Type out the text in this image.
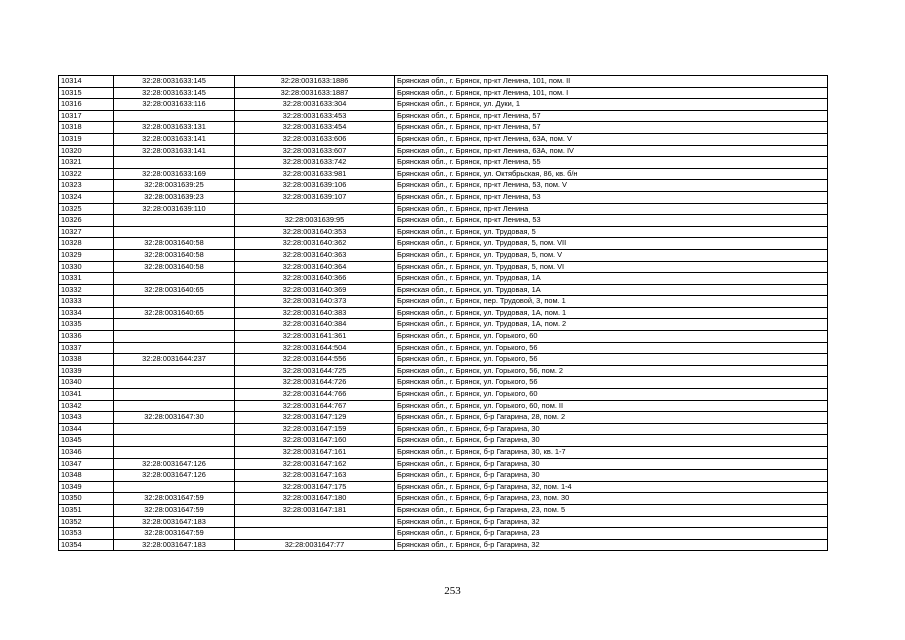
10314	32:28:0031633:145	32:28:0031633:1886	Брянская обл., г. Брянск, пр-кт Ленина, 101, пом. II
10315	32:28:0031633:145	32:28:0031633:1887	Брянская обл., г. Брянск, пр-кт Ленина, 101, пом. I
10316	32:28:0031633:116	32:28:0031633:304	Брянская обл., г. Брянск, ул. Дуки, 1
10317		32:28:0031633:453	Брянская обл., г. Брянск, пр-кт Ленина, 57
10318	32:28:0031633:131	32:28:0031633:454	Брянская обл., г. Брянск, пр-кт Ленина, 57
10319	32:28:0031633:141	32:28:0031633:606	Брянская обл., г. Брянск, пр-кт Ленина, 63А, пом. V
10320	32:28:0031633:141	32:28:0031633:607	Брянская обл., г. Брянск, пр-кт Ленина, 63А, пом. IV
10321		32:28:0031633:742	Брянская обл., г. Брянск, пр-кт Ленина, 55
10322	32:28:0031633:169	32:28:0031633:981	Брянская обл., г. Брянск, ул. Октябрьская, 86, кв. б/н
10323	32:28:0031639:25	32:28:0031639:106	Брянская обл., г. Брянск, пр-кт Ленина, 53, пом. V
10324	32:28:0031639:23	32:28:0031639:107	Брянская обл., г. Брянск, пр-кт Ленина, 53
10325	32:28:0031639:110		Брянская обл., г. Брянск, пр-кт Ленина
10326		32:28:0031639:95	Брянская обл., г. Брянск, пр-кт Ленина, 53
10327		32:28:0031640:353	Брянская обл., г. Брянск, ул. Трудовая, 5
10328	32:28:0031640:58	32:28:0031640:362	Брянская обл., г. Брянск, ул. Трудовая, 5, пом. VII
10329	32:28:0031640:58	32:28:0031640:363	Брянская обл., г. Брянск, ул. Трудовая, 5, пом. V
10330	32:28:0031640:58	32:28:0031640:364	Брянская обл., г. Брянск, ул. Трудовая, 5, пом. VI
10331		32:28:0031640:366	Брянская обл., г. Брянск, ул. Трудовая, 1А
10332	32:28:0031640:65	32:28:0031640:369	Брянская обл., г. Брянск, ул. Трудовая, 1А
10333		32:28:0031640:373	Брянская обл., г. Брянск, пер. Трудовой, 3, пом. 1
10334	32:28:0031640:65	32:28:0031640:383	Брянская обл., г. Брянск, ул. Трудовая, 1А, пом. 1
10335		32:28:0031640:384	Брянская обл., г. Брянск, ул. Трудовая, 1А, пом. 2
10336		32:28:0031641:361	Брянская обл., г. Брянск, ул. Горького, 60
10337		32:28:0031644:504	Брянская обл., г. Брянск, ул. Горького, 56
10338	32:28:0031644:237	32:28:0031644:556	Брянская обл., г. Брянск, ул. Горького, 56
10339		32:28:0031644:725	Брянская обл., г. Брянск, ул. Горького, 56, пом. 2
10340		32:28:0031644:726	Брянская обл., г. Брянск, ул. Горького, 56
10341		32:28:0031644:766	Брянская обл., г. Брянск, ул. Горького, 60
10342		32:28:0031644:767	Брянская обл., г. Брянск, ул. Горького, 60, пом. II
10343	32:28:0031647:30	32:28:0031647:129	Брянская обл., г. Брянск, б-р Гагарина, 28, пом. 2
10344		32:28:0031647:159	Брянская обл., г. Брянск, б-р Гагарина, 30
10345		32:28:0031647:160	Брянская обл., г. Брянск, б-р Гагарина, 30
10346		32:28:0031647:161	Брянская обл., г. Брянск, б-р Гагарина, 30, кв. 1-7
10347	32:28:0031647:126	32:28:0031647:162	Брянская обл., г. Брянск, б-р Гагарина, 30
10348	32:28:0031647:126	32:28:0031647:163	Брянская обл., г. Брянск, б-р Гагарина, 30
10349		32:28:0031647:175	Брянская обл., г. Брянск, б-р Гагарина, 32, пом. 1-4
10350	32:28:0031647:59	32:28:0031647:180	Брянская обл., г. Брянск, б-р Гагарина, 23, пом. 30
10351	32:28:0031647:59	32:28:0031647:181	Брянская обл., г. Брянск, б-р Гагарина, 23, пом. 5
10352	32:28:0031647:183		Брянская обл., г. Брянск, б-р Гагарина, 32
10353	32:28:0031647:59		Брянская обл., г. Брянск, б-р Гагарина, 23
10354	32:28:0031647:183	32:28:0031647:77	Брянская обл., г. Брянск, б-р Гагарина, 32
253
